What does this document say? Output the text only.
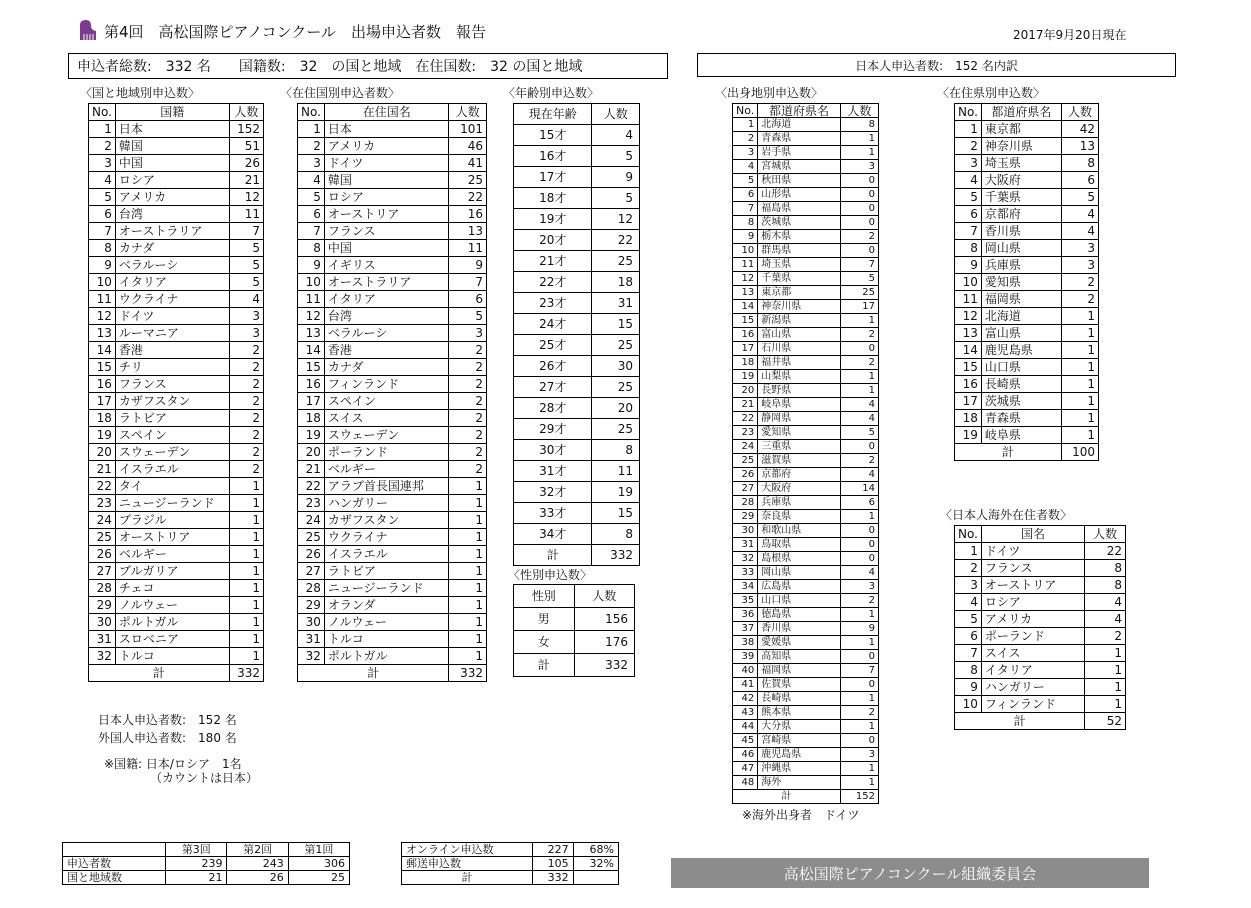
第4回　高松国際ピアノコンクール　出場申込者数　報告	2017年9月20日現在
申込者総数:　332 名　　国籍数:　32　の国と地域　在住国数:　32 の国と地域	日本人申込者数:　152 名内訳
〈国と地域別申込数〉
No.	国籍	人数
1	日本	152
2	韓国	51
3	中国	26
4	ロシア	21
5	アメリカ	12
6	台湾	11
7	オーストラリア	7
8	カナダ	5
9	ベラルーシ	5
10	イタリア	5
11	ウクライナ	4
12	ドイツ	3
13	ルーマニア	3
14	香港	2
15	チリ	2
16	フランス	2
17	カザフスタン	2
18	ラトビア	2
19	スペイン	2
20	スウェーデン	2
21	イスラエル	2
22	タイ	1
23	ニュージーランド	1
24	ブラジル	1
25	オーストリア	1
26	ベルギー	1
27	ブルガリア	1
28	チェコ	1
29	ノルウェー	1
30	ポルトガル	1
31	スロベニア	1
32	トルコ	1
計		332
〈在住国別申込者数〉
No.	在住国名	人数
1	日本	101
2	アメリカ	46
3	ドイツ	41
4	韓国	25
5	ロシア	22
6	オーストリア	16
7	フランス	13
8	中国	11
9	イギリス	9
10	オーストラリア	7
11	イタリア	6
12	台湾	5
13	ベラルーシ	3
14	香港	2
15	カナダ	2
16	フィンランド	2
17	スペイン	2
18	スイス	2
19	スウェーデン	2
20	ポーランド	2
21	ベルギー	2
22	アラブ首長国連邦	1
23	ハンガリー	1
24	カザフスタン	1
25	ウクライナ	1
26	イスラエル	1
27	ラトビア	1
28	ニュージーランド	1
29	オランダ	1
30	ノルウェー	1
31	トルコ	1
32	ポルトガル	1
計		332
〈年齢別申込数〉
現在年齢	人数
15才	4
16才	5
17才	9
18才	5
19才	12
20才	22
21才	25
22才	18
23才	31
24才	15
25才	25
26才	30
27才	25
28才	20
29才	25
30才	8
31才	11
32才	19
33才	15
34才	8
計	332
〈性別申込数〉
性別	人数
男	156
女	176
計	332
〈出身地別申込数〉
No.	都道府県名	人数
1	北海道	8
2	青森県	1
3	岩手県	1
4	宮城県	3
5	秋田県	0
6	山形県	0
7	福島県	0
8	茨城県	0
9	栃木県	2
10	群馬県	0
11	埼玉県	7
12	千葉県	5
13	東京都	25
14	神奈川県	17
15	新潟県	1
16	富山県	2
17	石川県	0
18	福井県	2
19	山梨県	1
20	長野県	1
21	岐阜県	4
22	静岡県	4
23	愛知県	5
24	三重県	0
25	滋賀県	2
26	京都府	4
27	大阪府	14
28	兵庫県	6
29	奈良県	1
30	和歌山県	0
31	鳥取県	0
32	島根県	0
33	岡山県	4
34	広島県	3
35	山口県	2
36	徳島県	1
37	香川県	9
38	愛媛県	1
39	高知県	0
40	福岡県	7
41	佐賀県	0
42	長崎県	1
43	熊本県	2
44	大分県	1
45	宮崎県	0
46	鹿児島県	3
47	沖縄県	1
48	海外	1
計		152
※海外出身者　ドイツ
〈在住県別申込数〉
No.	都道府県名	人数
1	東京都	42
2	神奈川県	13
3	埼玉県	8
4	大阪府	6
5	千葉県	5
6	京都府	4
7	香川県	4
8	岡山県	3
9	兵庫県	3
10	愛知県	2
11	福岡県	2
12	北海道	1
13	富山県	1
14	鹿児島県	1
15	山口県	1
16	長崎県	1
17	茨城県	1
18	青森県	1
19	岐阜県	1
計		100
〈日本人海外在住者数〉
No.	国名	人数
1	ドイツ	22
2	フランス	8
3	オーストリア	8
4	ロシア	4
5	アメリカ	4
6	ポーランド	2
7	スイス	1
8	イタリア	1
9	ハンガリー	1
10	フィンランド	1
計		52
日本人申込者数:　152 名
外国人申込者数:　180 名
※国籍: 日本/ロシア　1名
（カウントは日本）
	第3回	第2回	第1回
申込者数	239	243	306
国と地域数	21	26	25
オンライン申込数	227	68%
郵送申込数	105	32%
計	332		高松国際ピアノコンクール組織委員会
